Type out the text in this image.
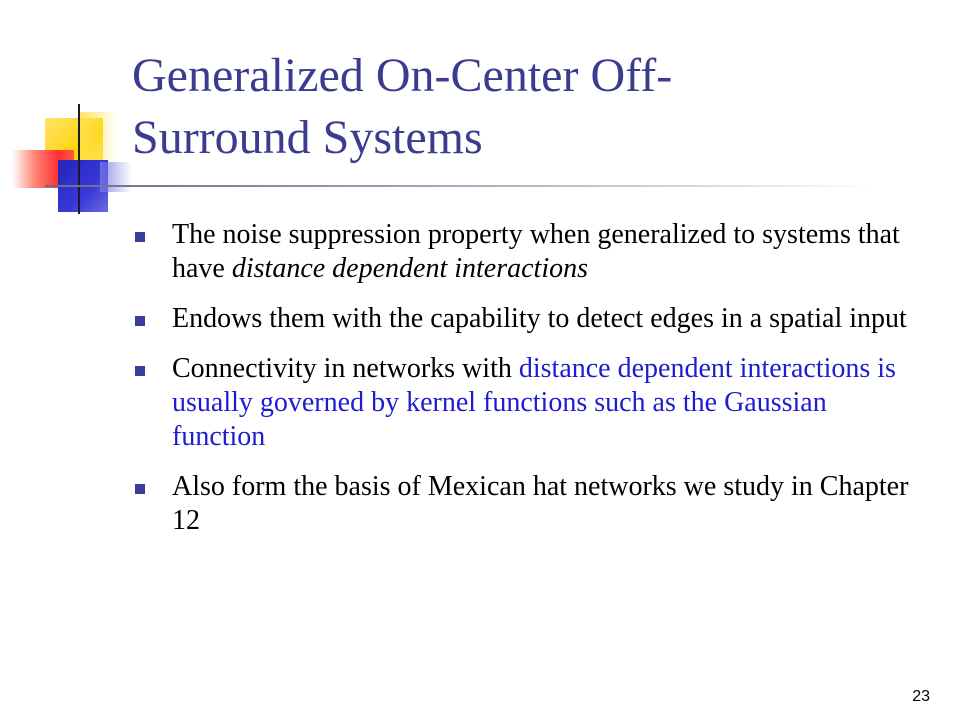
Generalized On-Center Off-
Surround Systems
The noise suppression property when generalized to systems that have distance dependent interactions
Endows them with the capability to detect edges in a spatial input
Connectivity in networks with distance dependent interactions is usually governed by kernel functions such as the Gaussian function
Also form the basis of Mexican hat networks we study in Chapter 12
23
